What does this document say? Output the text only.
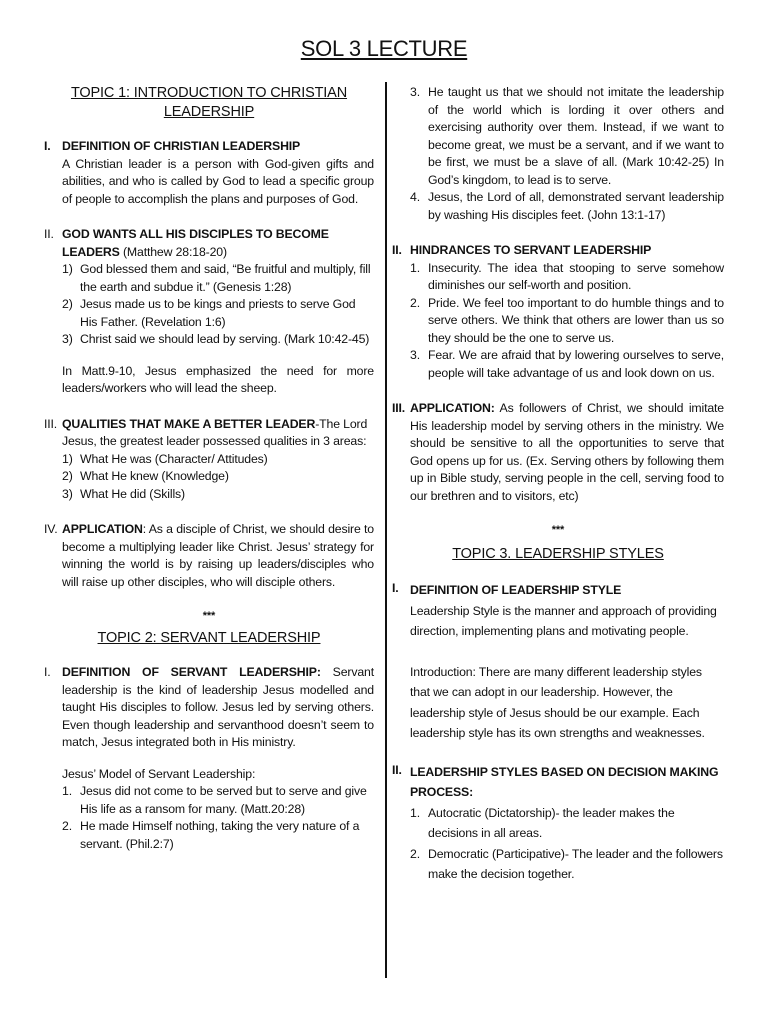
SOL 3 LECTURE

TOPIC 1: INTRODUCTION TO CHRISTIAN LEADERSHIP

I. DEFINITION OF CHRISTIAN LEADERSHIP

A Christian leader is a person with God-given gifts and abilities, and who is called by God to lead a specific group of people to accomplish the plans and purposes of God.

II. GOD WANTS ALL HIS DISCIPLES TO BECOME LEADERS (Matthew 28:18-20)

1) God blessed them and said, “Be fruitful and multiply, fill the earth and subdue it.” (Genesis 1:28)
2) Jesus made us to be kings and priests to serve God His Father. (Revelation 1:6)
3) Christ said we should lead by serving. (Mark 10:42-45)

In Matt.9-10, Jesus emphasized the need for more leaders/workers who will lead the sheep.

III. QUALITIES THAT MAKE A BETTER LEADER-The Lord Jesus, the greatest leader possessed qualities in 3 areas:

1) What He was (Character/ Attitudes)
2) What He knew (Knowledge)
3) What He did (Skills)
IV. APPLICATION: As a disciple of Christ, we should desire to become a multiplying leader like Christ. Jesus’ strategy for winning the world is by raising up leaders/disciples who will raise up other disciples, who will disciple others.

***

TOPIC 2: SERVANT LEADERSHIP

I. DEFINITION OF SERVANT LEADERSHIP: Servant leadership is the kind of leadership Jesus modelled and taught His disciples to follow. Jesus led by serving others. Even though leadership and servanthood doesn’t seem to match, Jesus integrated both in His ministry.

Jesus’ Model of Servant Leadership:

1. Jesus did not come to be served but to serve and give His life as a ransom for many. (Matt.20:28)
2. He made Himself nothing, taking the very nature of a servant. (Phil.2:7)
3. He taught us that we should not imitate the leadership of the world which is lording it over others and exercising authority over them. Instead, if we want to become great, we must be a servant, and if we want to be first, we must be a slave of all. (Mark 10:42-25) In God’s kingdom, to lead is to serve.
4. Jesus, the Lord of all, demonstrated servant leadership by washing His disciples feet. (John 13:1-17)
II. HINDRANCES TO SERVANT LEADERSHIP

1. Insecurity. The idea that stooping to serve somehow diminishes our self-worth and position.
2. Pride. We feel too important to do humble things and to serve others. We think that others are lower than us so they should be the one to serve us.
3. Fear. We are afraid that by lowering ourselves to serve, people will take advantage of us and look down on us.
III. APPLICATION: As followers of Christ, we should imitate His leadership model by serving others in the ministry. We should be sensitive to all the opportunities to serve that God opens up for us. (Ex. Serving others by following them up in Bible study, serving people in the cell, serving food to our brethren and to visitors, etc)

***

TOPIC 3. LEADERSHIP STYLES

I. DEFINITION OF LEADERSHIP STYLE

Leadership Style is the manner and approach of providing direction, implementing plans and motivating people.

Introduction: There are many different leadership styles that we can adopt in our leadership. However, the leadership style of Jesus should be our example. Each leadership style has its own strengths and weaknesses.

II. LEADERSHIP STYLES BASED ON DECISION MAKING PROCESS:

1. Autocratic (Dictatorship)- the leader makes the decisions in all areas.
2. Democratic (Participative)- The leader and the followers make the decision together.
